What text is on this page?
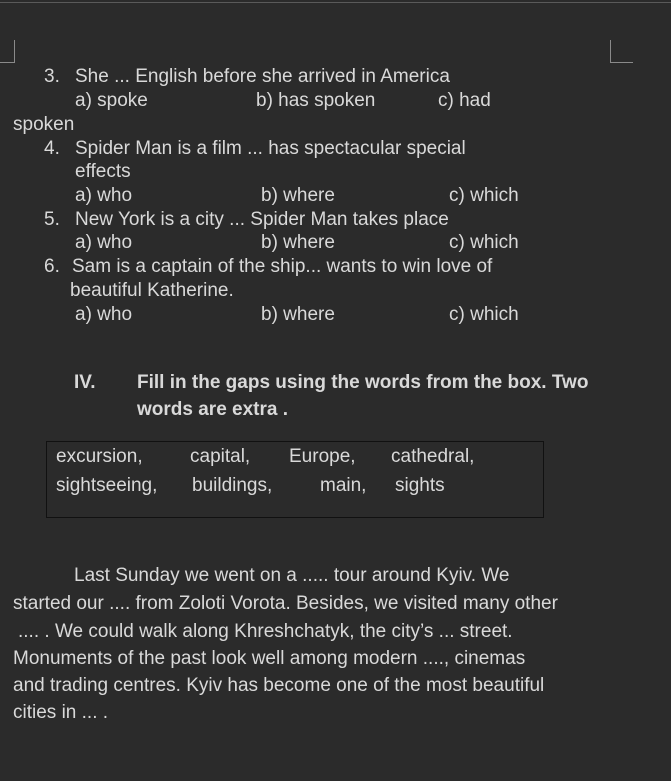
3. She ... English before she arrived in America
a) spoke	b) has spoken	c) had
spoken
4. Spider Man is a film ... has spectacular special
effects
a) who	b) where	c) which
5. New York is a city ... Spider Man takes place
a) who	b) where	c) which
6. Sam is a captain of the ship... wants to win love of
beautiful Katherine.
a) who	b) where	c) which
IV. Fill in the gaps using the words from the box. Two
words are extra .
excursion, capital, Europe, cathedral,
sightseeing, buildings,	main, sights
Last Sunday we went on a ..... tour around Kyiv. We
started our .... from Zoloti Vorota. Besides, we visited many other
.... . We could walk along Khreshchatyk, the city’s ... street.
Monuments of the past look well among modern ...., cinemas
and trading centres. Kyiv has become one of the most beautiful
cities in ... .
